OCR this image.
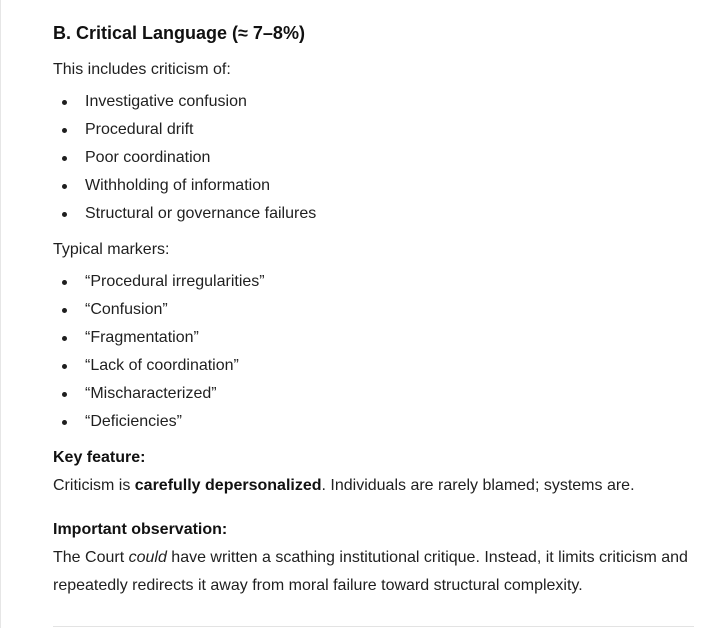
B. Critical Language (≈ 7–8%)

This includes criticism of:

Investigative confusion
Procedural drift
Poor coordination
Withholding of information
Structural or governance failures

Typical markers:

“Procedural irregularities”
“Confusion”
“Fragmentation”
“Lack of coordination”
“Mischaracterized”
“Deficiencies”

Key feature:

Criticism is carefully depersonalized. Individuals are rarely blamed; systems are.

Important observation:

The Court could have written a scathing institutional critique. Instead, it limits criticism and repeatedly redirects it away from moral failure toward structural complexity.
